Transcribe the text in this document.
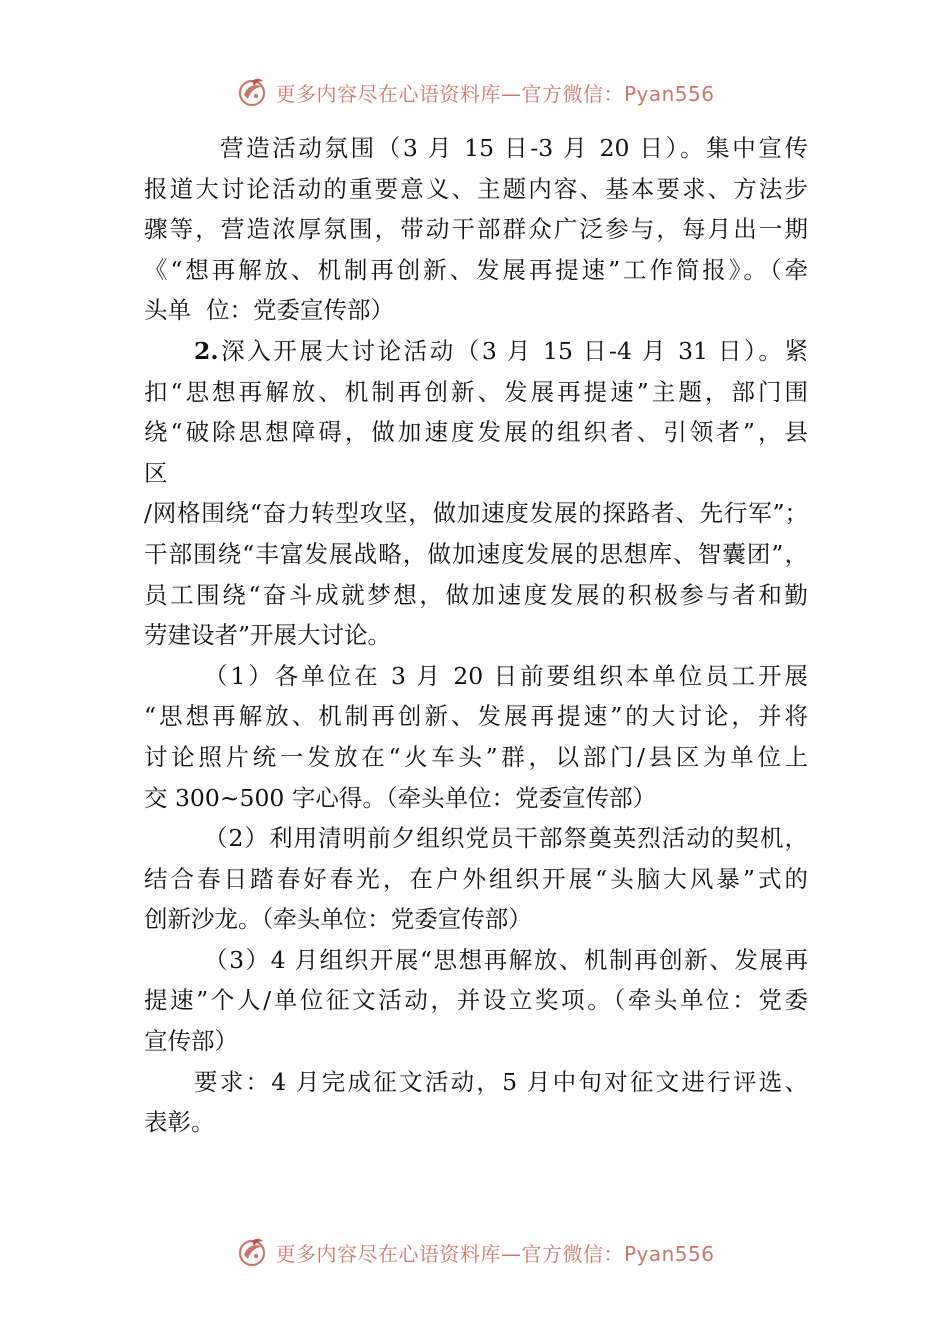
更多内容尽在心语资料库—官方微信：Pyan556
营造活动氛围（3 月 15 日-3 月 20 日）。集中宣传
报道大讨论活动的重要意义、主题内容、基本要求、方法步
骤等，营造浓厚氛围，带动干部群众广泛参与，每月出一期
《“想再解放、机制再创新、发展再提速”工作简报》。（牵
头单  位：党委宣传部）
2.深入开展大讨论活动（3 月 15 日-4 月 31 日）。紧
扣“思想再解放、机制再创新、发展再提速”主题，部门围
绕“破除思想障碍，做加速度发展的组织者、引领者”，县
区
/网格围绕“奋力转型攻坚，做加速度发展的探路者、先行军”；
干部围绕“丰富发展战略，做加速度发展的思想库、智囊团”，
员工围绕“奋斗成就梦想，做加速度发展的积极参与者和勤
劳建设者”开展大讨论。
（1）各单位在 3 月 20 日前要组织本单位员工开展
“思想再解放、机制再创新、发展再提速”的大讨论，并将
讨论照片统一发放在“火车头”群，以部门/县区为单位上
交 300~500 字心得。（牵头单位：党委宣传部）
（2）利用清明前夕组织党员干部祭奠英烈活动的契机，
结合春日踏春好春光，在户外组织开展“头脑大风暴”式的
创新沙龙。（牵头单位：党委宣传部）
（3）4 月组织开展“思想再解放、机制再创新、发展再
提速”个人/单位征文活动，并设立奖项。（牵头单位：党委
宣传部）
要求：4 月完成征文活动，5 月中旬对征文进行评选、
表彰。
更多内容尽在心语资料库—官方微信：Pyan556
